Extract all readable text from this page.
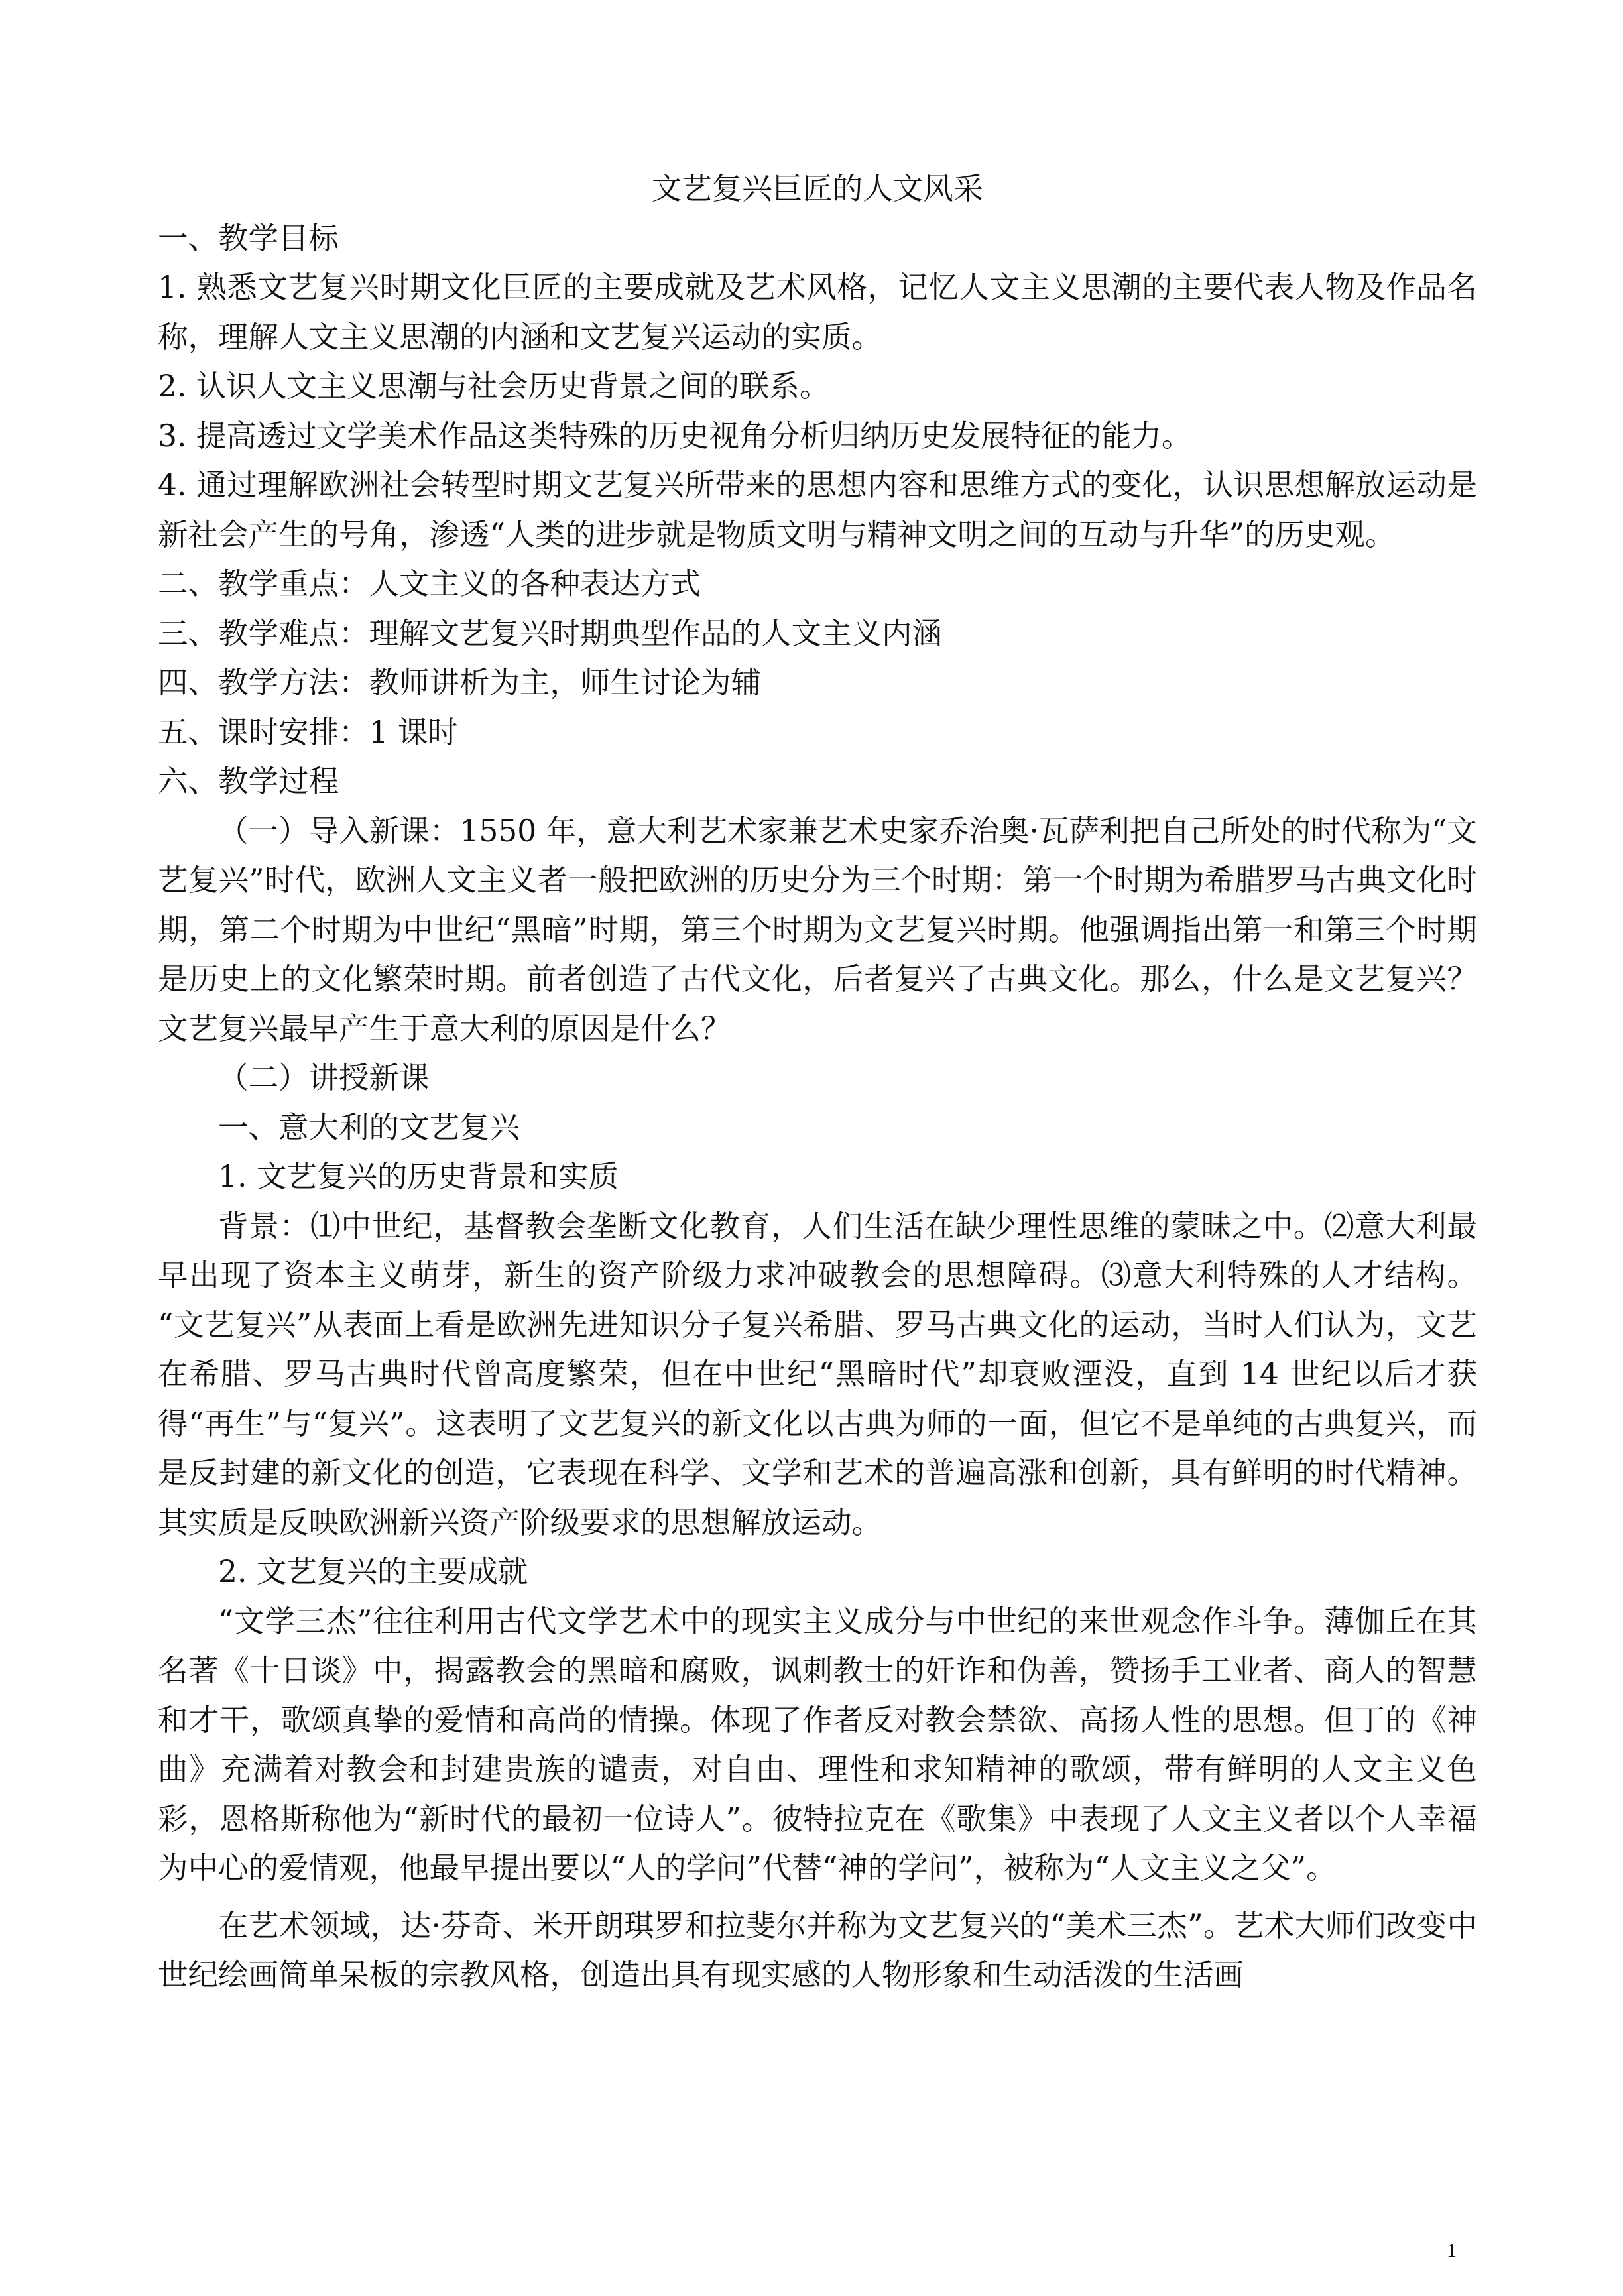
文艺复兴巨匠的人文风采

一、教学目标

1. 熟悉文艺复兴时期文化巨匠的主要成就及艺术风格，记忆人文主义思潮的主要代表人物及作品名称，理解人文主义思潮的内涵和文艺复兴运动的实质。

2. 认识人文主义思潮与社会历史背景之间的联系。

3. 提高透过文学美术作品这类特殊的历史视角分析归纳历史发展特征的能力。

4. 通过理解欧洲社会转型时期文艺复兴所带来的思想内容和思维方式的变化，认识思想解放运动是新社会产生的号角，渗透“人类的进步就是物质文明与精神文明之间的互动与升华”的历史观。

二、教学重点：人文主义的各种表达方式

三、教学难点：理解文艺复兴时期典型作品的人文主义内涵

四、教学方法：教师讲析为主，师生讨论为辅

五、课时安排：1 课时

六、教学过程

（一）导入新课：1550 年，意大利艺术家兼艺术史家乔治奥·瓦萨利把自己所处的时代称为“文艺复兴”时代，欧洲人文主义者一般把欧洲的历史分为三个时期：第一个时期为希腊罗马古典文化时期，第二个时期为中世纪“黑暗”时期，第三个时期为文艺复兴时期。他强调指出第一和第三个时期是历史上的文化繁荣时期。前者创造了古代文化，后者复兴了古典文化。那么，什么是文艺复兴？文艺复兴最早产生于意大利的原因是什么？

（二）讲授新课

一、意大利的文艺复兴

1. 文艺复兴的历史背景和实质

背景：⑴中世纪，基督教会垄断文化教育，人们生活在缺少理性思维的蒙昧之中。⑵意大利最早出现了资本主义萌芽，新生的资产阶级力求冲破教会的思想障碍。⑶意大利特殊的人才结构。 “文艺复兴”从表面上看是欧洲先进知识分子复兴希腊、罗马古典文化的运动，当时人们认为，文艺在希腊、罗马古典时代曾高度繁荣，但在中世纪“黑暗时代”却衰败湮没，直到 14 世纪以后才获得“再生”与“复兴”。这表明了文艺复兴的新文化以古典为师的一面，但它不是单纯的古典复兴，而是反封建的新文化的创造，它表现在科学、文学和艺术的普遍高涨和创新，具有鲜明的时代精神。其实质是反映欧洲新兴资产阶级要求的思想解放运动。

2. 文艺复兴的主要成就

“文学三杰”往往利用古代文学艺术中的现实主义成分与中世纪的来世观念作斗争。薄伽丘在其名著《十日谈》中，揭露教会的黑暗和腐败，讽刺教士的奸诈和伪善，赞扬手工业者、商人的智慧和才干，歌颂真挚的爱情和高尚的情操。体现了作者反对教会禁欲、高扬人性的思想。但丁的《神曲》充满着对教会和封建贵族的谴责，对自由、理性和求知精神的歌颂，带有鲜明的人文主义色彩，恩格斯称他为“新时代的最初一位诗人”。彼特拉克在《歌集》中表现了人文主义者以个人幸福为中心的爱情观，他最早提出要以“人的学问”代替“神的学问”，被称为“人文主义之父”。

在艺术领域，达·芬奇、米开朗琪罗和拉斐尔并称为文艺复兴的“美术三杰”。艺术大师们改变中世纪绘画简单呆板的宗教风格，创造出具有现实感的人物形象和生动活泼的生活画

1
